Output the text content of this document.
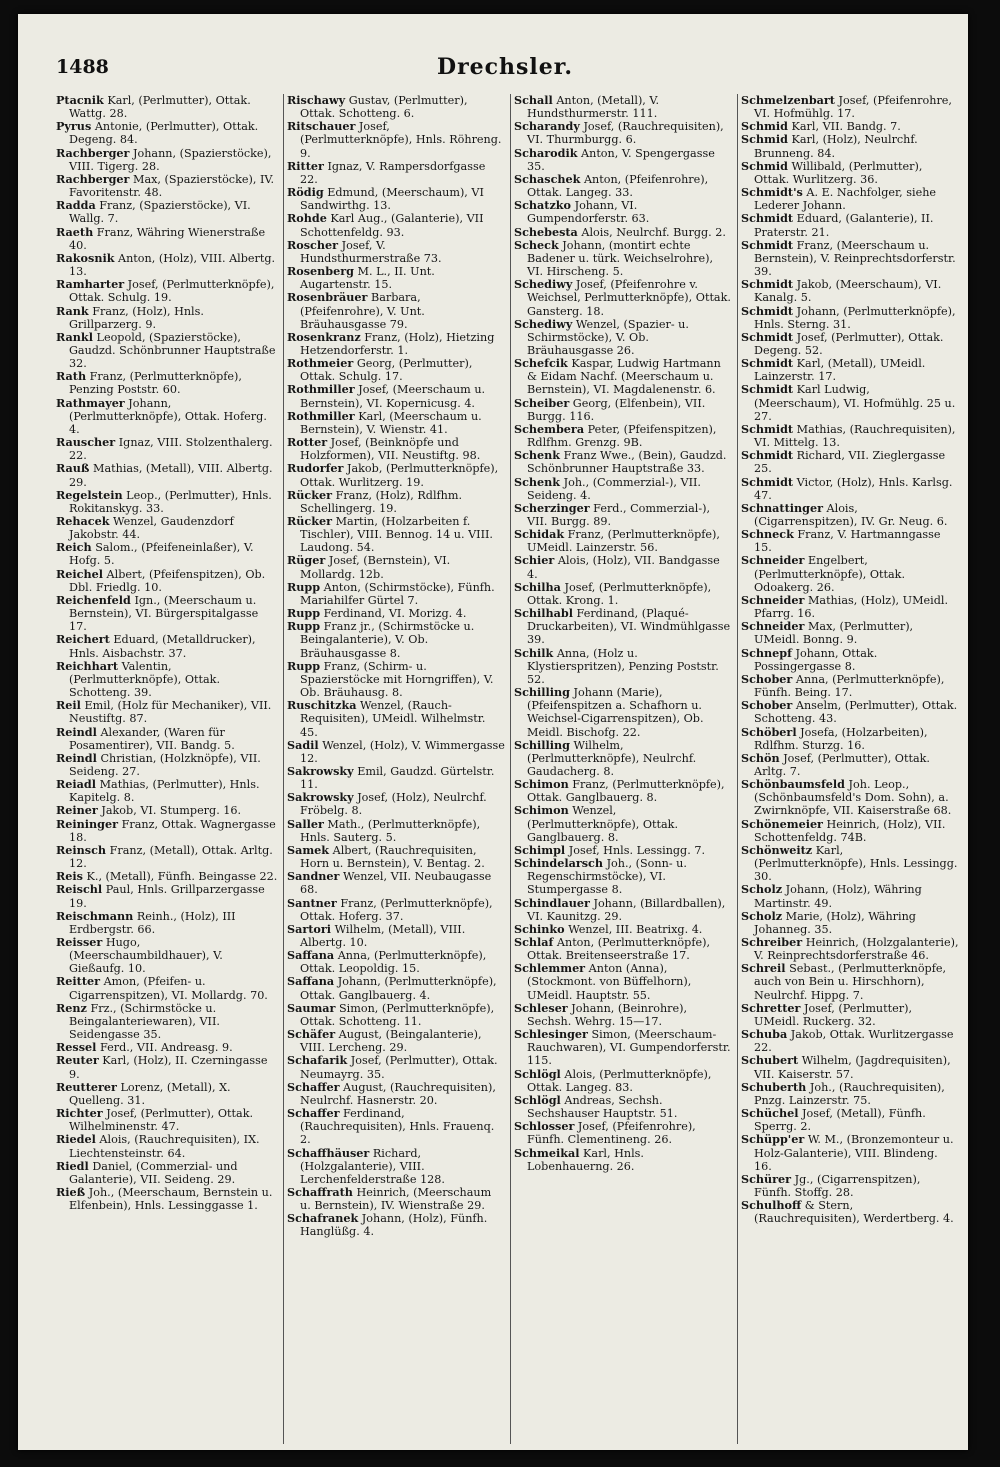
1488	Drechsler.

Ptacnik Karl, (Perlmutter), Ottak. Wattg. 28.

Pyrus Antonie, (Perlmutter), Ottak. Degeng. 84.

Rachberger Johann, (Spazierstöcke), VIII. Tigerg. 28.

Rachberger Max, (Spazierstöcke), IV. Favoritenstr. 48.

Radda Franz, (Spazierstöcke), VI. Wallg. 7.

Raeth Franz, Währing Wienerstraße 40.

Rakosnik Anton, (Holz), VIII. Albertg. 13.

Ramharter Josef, (Perlmutterknöpfe), Ottak. Schulg. 19.

Rank Franz, (Holz), Hnls. Grillparzerg. 9.

Rankl Leopold, (Spazierstöcke), Gaudzd. Schönbrunner Hauptstraße 32.

Rath Franz, (Perlmutterknöpfe), Penzing Poststr. 60.

Rathmayer Johann, (Perlmutterknöpfe), Ottak. Hoferg. 4.

Rauscher Ignaz, VIII. Stolzenthalerg. 22.

Rauß Mathias, (Metall), VIII. Albertg. 29.

Regelstein Leop., (Perlmutter), Hnls. Rokitanskyg. 33.

Rehacek Wenzel, Gaudenzdorf Jakobstr. 44.

Reich Salom., (Pfeifeneinlaßer), V. Hofg. 5.

Reichel Albert, (Pfeifenspitzen), Ob. Dbl. Friedlg. 10.

Reichenfeld Ign., (Meerschaum u. Bernstein), VI. Bürgerspitalgasse 17.

Reichert Eduard, (Metalldrucker), Hnls. Aisbachstr. 37.

Reichhart Valentin, (Perlmutterknöpfe), Ottak. Schotteng. 39.

Reil Emil, (Holz für Mechaniker), VII. Neustiftg. 87.

Reindl Alexander, (Waren für Posamentirer), VII. Bandg. 5.

Reindl Christian, (Holzknöpfe), VII. Seideng. 27.

Reiadl Mathias, (Perlmutter), Hnls. Kapitelg. 8.

Reiner Jakob, VI. Stumperg. 16.

Reininger Franz, Ottak. Wagnergasse 18.

Reinsch Franz, (Metall), Ottak. Arltg. 12.

Reis K., (Metall), Fünfh. Beingasse 22.

Reischl Paul, Hnls. Grillparzergasse 19.

Reischmann Reinh., (Holz), III Erdbergstr. 66.

Reisser Hugo, (Meerschaumbildhauer), V. Gießaufg. 10.

Reitter Amon, (Pfeifen- u. Cigarrenspitzen), VI. Mollardg. 70.

Renz Frz., (Schirmstöcke u. Beingalanteriewaren), VII. Seidengasse 35.

Ressel Ferd., VII. Andreasg. 9.

Reuter Karl, (Holz), II. Czerningasse 9.

Reutterer Lorenz, (Metall), X. Quelleng. 31.

Richter Josef, (Perlmutter), Ottak. Wilhelminenstr. 47.

Riedel Alois, (Rauchrequisiten), IX. Liechtensteinstr. 64.

Riedl Daniel, (Commerzial- und Galanterie), VII. Seideng. 29.

Rieß Joh., (Meerschaum, Bernstein u. Elfenbein), Hnls. Lessinggasse 1.

Rischawy Gustav, (Perlmutter), Ottak. Schotteng. 6.

Ritschauer Josef, (Perlmutterknöpfe), Hnls. Röhreng. 9.

Ritter Ignaz, V. Rampersdorfgasse 22.

Rödig Edmund, (Meerschaum), VI Sandwirthg. 13.

Rohde Karl Aug., (Galanterie), VII Schottenfeldg. 93.

Roscher Josef, V. Hundsthurmerstraße 73.

Rosenberg M. L., II. Unt. Augartenstr. 15.

Rosenbräuer Barbara, (Pfeifenrohre), V. Unt. Bräuhausgasse 79.

Rosenkranz Franz, (Holz), Hietzing Hetzendorferstr. 1.

Rothmeier Georg, (Perlmutter), Ottak. Schulg. 17.

Rothmiller Josef, (Meerschaum u. Bernstein), VI. Kopernicusg. 4.

Rothmiller Karl, (Meerschaum u. Bernstein), V. Wienstr. 41.

Rotter Josef, (Beinknöpfe und Holzformen), VII. Neustiftg. 98.

Rudorfer Jakob, (Perlmutterknöpfe), Ottak. Wurlitzerg. 19.

Rücker Franz, (Holz), Rdlfhm. Schellingerg. 19.

Rücker Martin, (Holzarbeiten f. Tischler), VIII. Bennog. 14 u. VIII. Laudong. 54.

Rüger Josef, (Bernstein), VI. Mollardg. 12b.

Rupp Anton, (Schirmstöcke), Fünfh. Mariahilfer Gürtel 7.

Rupp Ferdinand, VI. Morizg. 4.

Rupp Franz jr., (Schirmstöcke u. Beingalanterie), V. Ob. Bräuhausgasse 8.

Rupp Franz, (Schirm- u. Spazierstöcke mit Horngriffen), V. Ob. Bräuhausg. 8.

Ruschitzka Wenzel, (Rauch-Requisiten), UMeidl. Wilhelmstr. 45.

Sadil Wenzel, (Holz), V. Wimmergasse 12.

Sakrowsky Emil, Gaudzd. Gürtelstr. 11.

Sakrowsky Josef, (Holz), Neulrchf. Fröbelg. 8.

Saller Math., (Perlmutterknöpfe), Hnls. Sauterg. 5.

Samek Albert, (Rauchrequisiten, Horn u. Bernstein), V. Bentag. 2.

Sandner Wenzel, VII. Neubaugasse 68.

Santner Franz, (Perlmutterknöpfe), Ottak. Hoferg. 37.

Sartori Wilhelm, (Metall), VIII. Albertg. 10.

Saffana Anna, (Perlmutterknöpfe), Ottak. Leopoldig. 15.

Saffana Johann, (Perlmutterknöpfe), Ottak. Ganglbauerg. 4.

Saumar Simon, (Perlmutterknöpfe), Ottak. Schotteng. 11.

Schäfer August, (Beingalanterie), VIII. Lercheng. 29.

Schafarik Josef, (Perlmutter), Ottak. Neumayrg. 35.

Schaffer August, (Rauchrequisiten), Neulrchf. Hasnerstr. 20.

Schaffer Ferdinand, (Rauchrequisiten), Hnls. Frauenq. 2.

Schaffhäuser Richard, (Holzgalanterie), VIII. Lerchenfelderstraße 128.

Schaffrath Heinrich, (Meerschaum u. Bernstein), IV. Wienstraße 29.

Schafranek Johann, (Holz), Fünfh. Hanglüßg. 4.

Schall Anton, (Metall), V. Hundsthurmerstr. 111.

Scharandy Josef, (Rauchrequisiten), VI. Thurmburgg. 6.

Scharodik Anton, V. Spengergasse 35.

Schaschek Anton, (Pfeifenrohre), Ottak. Langeg. 33.

Schatzko Johann, VI. Gumpendorferstr. 63.

Schebesta Alois, Neulrchf. Burgg. 2.

Scheck Johann, (montirt echte Badener u. türk. Weichselrohre), VI. Hirscheng. 5.

Schediwy Josef, (Pfeifenrohre v. Weichsel, Perlmutterknöpfe), Ottak. Gansterg. 18.

Schediwy Wenzel, (Spazier- u. Schirmstöcke), V. Ob. Bräuhausgasse 26.

Schefcik Kaspar, Ludwig Hartmann & Eidam Nachf. (Meerschaum u. Bernstein), VI. Magdalenenstr. 6.

Scheiber Georg, (Elfenbein), VII. Burgg. 116.

Schembera Peter, (Pfeifenspitzen), Rdlfhm. Grenzg. 9B.

Schenk Franz Wwe., (Bein), Gaudzd. Schönbrunner Hauptstraße 33.

Schenk Joh., (Commerzial-), VII. Seideng. 4.

Scherzinger Ferd., Commerzial-), VII. Burgg. 89.

Schidak Franz, (Perlmutterknöpfe), UMeidl. Lainzerstr. 56.

Schier Alois, (Holz), VII. Bandgasse 4.

Schilha Josef, (Perlmutterknöpfe), Ottak. Krong. 1.

Schilhabl Ferdinand, (Plaqué-Druckarbeiten), VI. Windmühlgasse 39.

Schilk Anna, (Holz u. Klystierspritzen), Penzing Poststr. 52.

Schilling Johann (Marie), (Pfeifenspitzen a. Schafhorn u. Weichsel-Cigarrenspitzen), Ob. Meidl. Bischofg. 22.

Schilling Wilhelm, (Perlmutterknöpfe), Neulrchf. Gaudacherg. 8.

Schimon Franz, (Perlmutterknöpfe), Ottak. Ganglbauerg. 8.

Schimon Wenzel, (Perlmutterknöpfe), Ottak. Ganglbauerg. 8.

Schimpl Josef, Hnls. Lessingg. 7.

Schindelarsch Joh., (Sonn- u. Regenschirmstöcke), VI. Stumpergasse 8.

Schindlauer Johann, (Billardballen), VI. Kaunitzg. 29.

Schinko Wenzel, III. Beatrixg. 4.

Schlaf Anton, (Perlmutterknöpfe), Ottak. Breitenseerstraße 17.

Schlemmer Anton (Anna), (Stockmont. von Büffelhorn), UMeidl. Hauptstr. 55.

Schleser Johann, (Beinrohre), Sechsh. Wehrg. 15—17.

Schlesinger Simon, (Meerschaum-Rauchwaren), VI. Gumpendorferstr. 115.

Schlögl Alois, (Perlmutterknöpfe), Ottak. Langeg. 83.

Schlögl Andreas, Sechsh. Sechshauser Hauptstr. 51.

Schlosser Josef, (Pfeifenrohre), Fünfh. Clementineng. 26.

Schmeikal Karl, Hnls. Lobenhauerng. 26.

Schmelzenbart Josef, (Pfeifenrohre, VI. Hofmühlg. 17.

Schmid Karl, VII. Bandg. 7.

Schmid Karl, (Holz), Neulrchf. Brunneng. 84.

Schmid Willibald, (Perlmutter), Ottak. Wurlitzerg. 36.

Schmidt's A. E. Nachfolger, siehe Lederer Johann.

Schmidt Eduard, (Galanterie), II. Praterstr. 21.

Schmidt Franz, (Meerschaum u. Bernstein), V. Reinprechtsdorferstr. 39.

Schmidt Jakob, (Meerschaum), VI. Kanalg. 5.

Schmidt Johann, (Perlmutterknöpfe), Hnls. Sterng. 31.

Schmidt Josef, (Perlmutter), Ottak. Degeng. 52.

Schmidt Karl, (Metall), UMeidl. Lainzerstr. 17.

Schmidt Karl Ludwig, (Meerschaum), VI. Hofmühlg. 25 u. 27.

Schmidt Mathias, (Rauchrequisiten), VI. Mittelg. 13.

Schmidt Richard, VII. Zieglergasse 25.

Schmidt Victor, (Holz), Hnls. Karlsg. 47.

Schnattinger Alois, (Cigarrenspitzen), IV. Gr. Neug. 6.

Schneck Franz, V. Hartmanngasse 15.

Schneider Engelbert, (Perlmutterknöpfe), Ottak. Odoakerg. 26.

Schneider Mathias, (Holz), UMeidl. Pfarrg. 16.

Schneider Max, (Perlmutter), UMeidl. Bonng. 9.

Schnepf Johann, Ottak. Possingergasse 8.

Schober Anna, (Perlmutterknöpfe), Fünfh. Being. 17.

Schober Anselm, (Perlmutter), Ottak. Schotteng. 43.

Schöberl Josefa, (Holzarbeiten), Rdlfhm. Sturzg. 16.

Schön Josef, (Perlmutter), Ottak. Arltg. 7.

Schönbaumsfeld Joh. Leop., (Schönbaumsfeld's Dom. Sohn), a. Zwirnknöpfe, VII. Kaiserstraße 68.

Schönemeier Heinrich, (Holz), VII. Schottenfeldg. 74B.

Schönweitz Karl, (Perlmutterknöpfe), Hnls. Lessingg. 30.

Scholz Johann, (Holz), Währing Martinstr. 49.

Scholz Marie, (Holz), Währing Johanneg. 35.

Schreiber Heinrich, (Holzgalanterie), V. Reinprechtsdorferstraße 46.

Schreil Sebast., (Perlmutterknöpfe, auch von Bein u. Hirschhorn), Neulrchf. Hippg. 7.

Schretter Josef, (Perlmutter), UMeidl. Ruckerg. 32.

Schuba Jakob, Ottak. Wurlitzergasse 22.

Schubert Wilhelm, (Jagdrequisiten), VII. Kaiserstr. 57.

Schuberth Joh., (Rauchrequisiten), Pnzg. Lainzerstr. 75.

Schüchel Josef, (Metall), Fünfh. Sperrg. 2.

Schüpp'er W. M., (Bronzemonteur u. Holz-Galanterie), VIII. Blindeng. 16.

Schürer Jg., (Cigarrenspitzen), Fünfh. Stoffg. 28.

Schulhoff & Stern, (Rauchrequisiten), Werdertberg. 4.
